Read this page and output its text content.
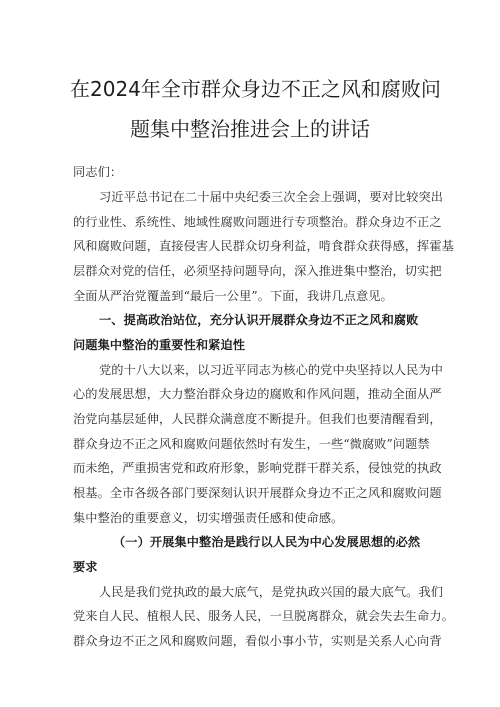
在2024年全市群众身边不正之风和腐败问
题集中整治推进会上的讲话
同志们：
习近平总书记在二十届中央纪委三次全会上强调，要对比较突出
的行业性、系统性、地域性腐败问题进行专项整治。群众身边不正之
风和腐败问题，直接侵害人民群众切身利益，啃食群众获得感，挥霍基
层群众对党的信任，必须坚持问题导向，深入推进集中整治，切实把
全面从严治党覆盖到“最后一公里”。下面，我讲几点意见。
一、提高政治站位，充分认识开展群众身边不正之风和腐败
问题集中整治的重要性和紧迫性
党的十八大以来，以习近平同志为核心的党中央坚持以人民为中
心的发展思想，大力整治群众身边的腐败和作风问题，推动全面从严
治党向基层延伸，人民群众满意度不断提升。但我们也要清醒看到，
群众身边不正之风和腐败问题依然时有发生，一些“微腐败”问题禁
而未绝，严重损害党和政府形象，影响党群干群关系，侵蚀党的执政
根基。全市各级各部门要深刻认识开展群众身边不正之风和腐败问题
集中整治的重要意义，切实增强责任感和使命感。
（一）开展集中整治是践行以人民为中心发展思想的必然
要求
人民是我们党执政的最大底气，是党执政兴国的最大底气。我们
党来自人民、植根人民、服务人民，一旦脱离群众，就会失去生命力。
群众身边不正之风和腐败问题，看似小事小节，实则是关系人心向背
